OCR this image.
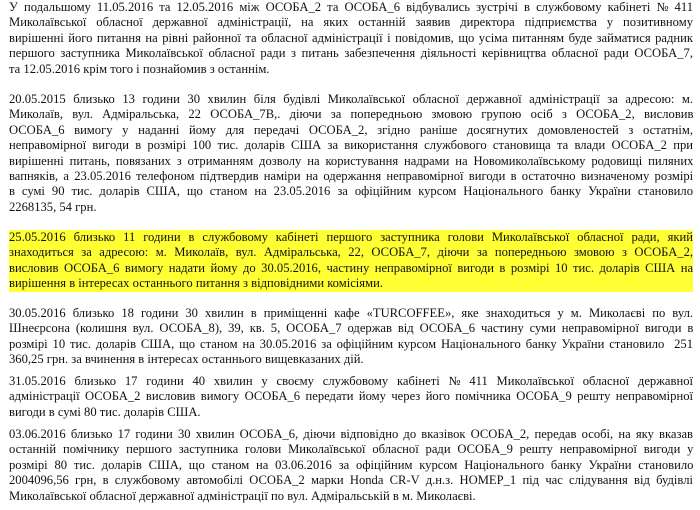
У подальшому 11.05.2016 та 12.05.2016 між ОСОБА_2 та ОСОБА_6 відбувались зустрічі в службовому кабінеті № 411
Миколаївської обласної державної адміністрації, на яких останній заявив директора підприємства у позитивному
вирішенні його питання на рівні районної та обласної адміністрації і повідомив, що усіма питанням буде займатися радник
першого заступника Миколаївської обласної ради з питань забезпечення діяльності керівництва обласної ради ОСОБА_7,
та 12.05.2016 крім того і познайомив з останнім.
20.05.2015 близько 13 години 30 хвилин біля будівлі Миколаївської обласної державної адміністрації за адресою: м.
Миколаїв, вул. Адміральська, 22 ОСОБА_7В,. діючи за попередньою змовою групою осіб з ОСОБА_2, висловив
ОСОБА_6 вимогу у наданні йому для передачі ОСОБА_2, згідно раніше досягнутих домовленостей з остатнім,
неправомірної вигоди в розмірі 100 тис. доларів США за використання службового становища та влади ОСОБА_2 при
вирішенні питань, повязаних з отриманням дозволу на користування надрами на Новомиколаївському родовищі пиляних
вапняків, а 23.05.2016 телефоном підтвердив наміри на одержання неправомірної вигоди в остаточно визначеному розмірі
в сумі 90 тис. доларів США, що станом на 23.05.2016 за офіційним курсом Національного банку України становило
2268135, 54 грн.
25.05.2016 близько 11 години в службовому кабінеті першого заступника голови Миколаївської обласної ради, який
знаходиться за адресою: м. Миколаїв, вул. Адміральська, 22, ОСОБА_7, діючи за попередньою змовою з ОСОБА_2,
висловив ОСОБА_6 вимогу надати йому до 30.05.2016, частину неправомірної вигоди в розмірі 10 тис. доларів США на
вирішення в інтересах останнього питання з відповідними комісіями.
30.05.2016 близько 18 години 30 хвилин в приміщенні кафе «TURCOFFEE», яке знаходиться у м. Миколаєві по вул.
Шнеєрсона (колишня вул. ОСОБА_8), 39, кв. 5, ОСОБА_7 одержав від ОСОБА_6 частину суми неправомірної вигоди в
розмірі 10 тис. доларів США, що станом на 30.05.2016 за офіційним курсом Національного банку України становило  251
360,25 грн. за вчинення в інтересах останнього вищевказаних дій.
31.05.2016 близько 17 години 40 хвилин у своєму службовому кабінеті № 411 Миколаївської обласної державної
адміністрації ОСОБА_2 висловив вимогу ОСОБА_6 передати йому через його помічника ОСОБА_9 решту неправомірної
вигоди в сумі 80 тис. доларів США.
03.06.2016 близько 17 години 30 хвилин ОСОБА_6, діючи відповідно до вказівок ОСОБА_2, передав особі, на яку вказав
останній помічнику першого заступника голови Миколаївської обласної ради ОСОБА_9 решту неправомірної вигоди у
розмірі 80 тис. доларів США, що станом на 03.06.2016 за офіційним курсом Національного банку України становило
2004096,56 грн, в службовому автомобілі ОСОБА_2 марки Honda CR-V д.н.з. НОМЕР_1 під час слідування від будівлі
Миколаївської обласної державної адміністрації по вул. Адміральській в м. Миколаєві.
